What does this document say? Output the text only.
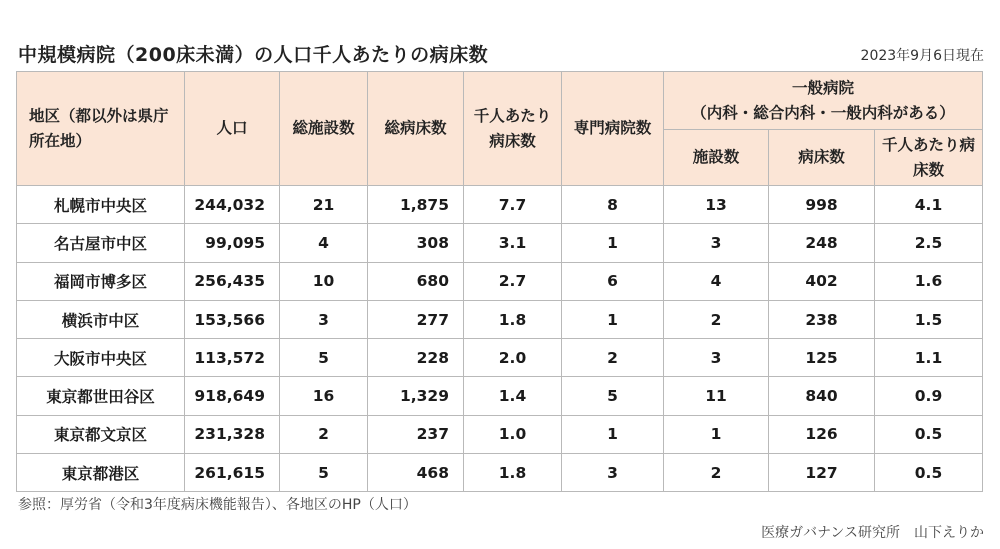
中規模病院（200床未満）の人口千人あたりの病床数	2023年9月6日現在
地区（都以外は県庁所在地）	人口	総施設数	総病床数	千人あたり病床数	専門病院数	一般病院
（内科・総合内科・一般内科がある）		

						施設数	病床数	千人あたり病床数
札幌市中央区	244,032	21	1,875	7.7	8	13	998	4.1
名古屋市中区	99,095	4	308	3.1	1	3	248	2.5
福岡市博多区	256,435	10	680	2.7	6	4	402	1.6
横浜市中区	153,566	3	277	1.8	1	2	238	1.5
大阪市中央区	113,572	5	228	2.0	2	3	125	1.1
東京都世田谷区	918,649	16	1,329	1.4	5	11	840	0.9
東京都文京区	231,328	2	237	1.0	1	1	126	0.5
東京都港区	261,615	5	468	1.8	3	2	127	0.5
参照：厚労省（令和3年度病床機能報告）、各地区のHP（人口）
医療ガバナンス研究所　山下えりか
